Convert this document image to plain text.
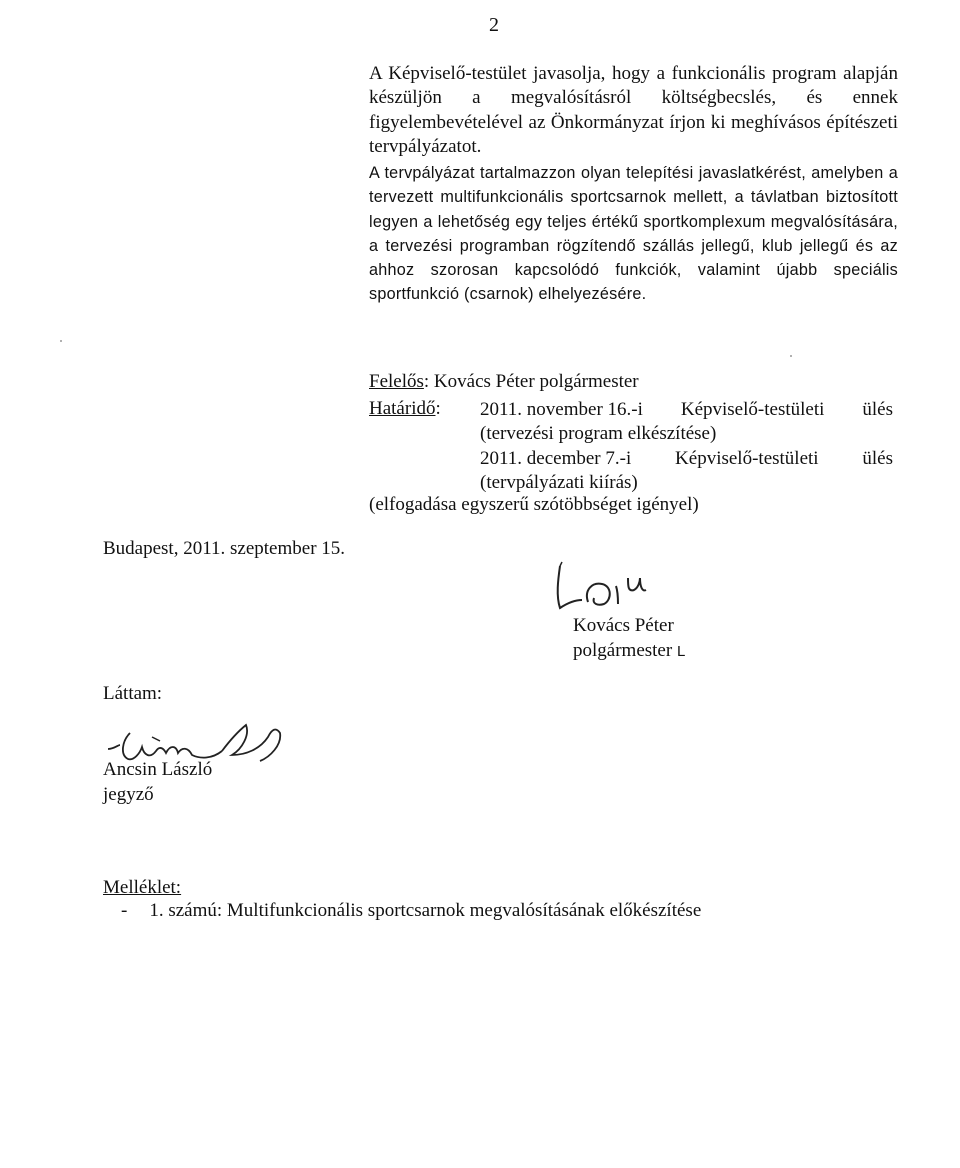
2
A Képviselő-testület javasolja, hogy a funkcionális program alapján készüljön a megvalósításról költségbecslés, és ennek figyelembevételével az Önkormányzat írjon ki meghívásos építészeti tervpályázatot.
A tervpályázat tartalmazzon olyan telepítési javaslatkérést, amelyben a tervezett multifunkcionális sportcsarnok mellett, a távlatban biztosított legyen a lehetőség egy teljes értékű sportkomplexum megvalósítására, a tervezési programban rögzítendő szállás jellegű, klub jellegű és az ahhoz szorosan kapcsolódó funkciók, valamint újabb speciális sportfunkció (csarnok) elhelyezésére.
Felelős: Kovács Péter polgármester
Határidő: 2011. november 16.-i Képviselő-testületi ülés
(tervezési program elkészítése)
2011. december 7.-i Képviselő-testületi ülés
(tervpályázati kiírás)
(elfogadása egyszerű szótöbbséget igényel)
Budapest, 2011. szeptember 15.
Kovács Péter
polgármester L
Láttam:
Ancsin László
jegyző
Melléklet:
- 1. számú: Multifunkcionális sportcsarnok megvalósításának előkészítése
